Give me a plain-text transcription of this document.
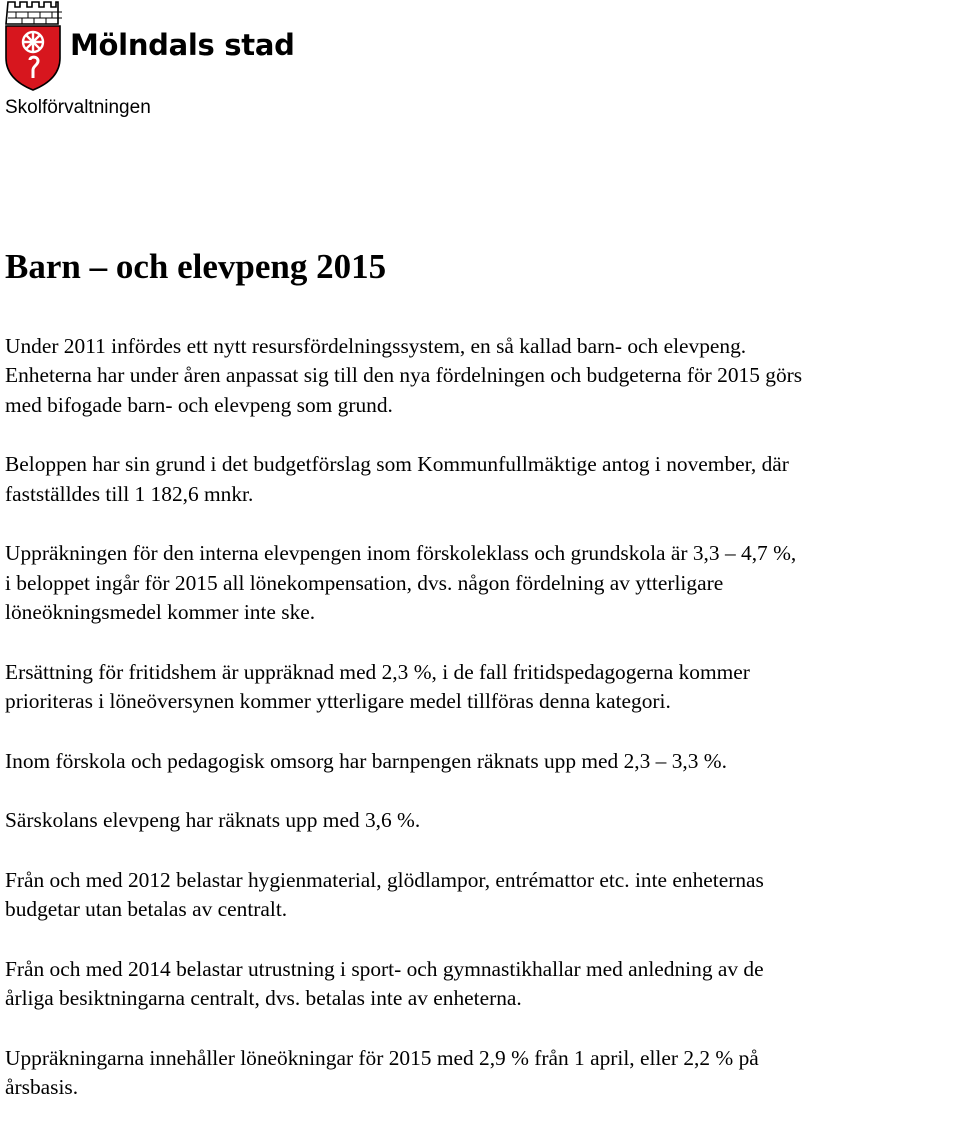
Mölndals stad
Skolförvaltningen
Barn – och elevpeng 2015

Under 2011 infördes ett nytt resursfördelningssystem, en så kallad barn- och elevpeng.
Enheterna har under åren anpassat sig till den nya fördelningen och budgeterna för 2015 görs
med bifogade barn- och elevpeng som grund.

Beloppen har sin grund i det budgetförslag som Kommunfullmäktige antog i november, där
fastställdes till 1 182,6 mnkr.

Uppräkningen för den interna elevpengen inom förskoleklass och grundskola är 3,3 – 4,7 %,
i beloppet ingår för 2015 all lönekompensation, dvs. någon fördelning av ytterligare
löneökningsmedel kommer inte ske.

Ersättning för fritidshem är uppräknad med 2,3 %, i de fall fritidspedagogerna kommer
prioriteras i löneöversynen kommer ytterligare medel tillföras denna kategori.

Inom förskola och pedagogisk omsorg har barnpengen räknats upp med 2,3 – 3,3 %.

Särskolans elevpeng har räknats upp med 3,6 %.

Från och med 2012 belastar hygienmaterial, glödlampor, entrémattor etc. inte enheternas
budgetar utan betalas av centralt.

Från och med 2014 belastar utrustning i sport- och gymnastikhallar med anledning av de
årliga besiktningarna centralt, dvs. betalas inte av enheterna.

Uppräkningarna innehåller löneökningar för 2015 med 2,9 % från 1 april, eller 2,2 % på
årsbasis.
